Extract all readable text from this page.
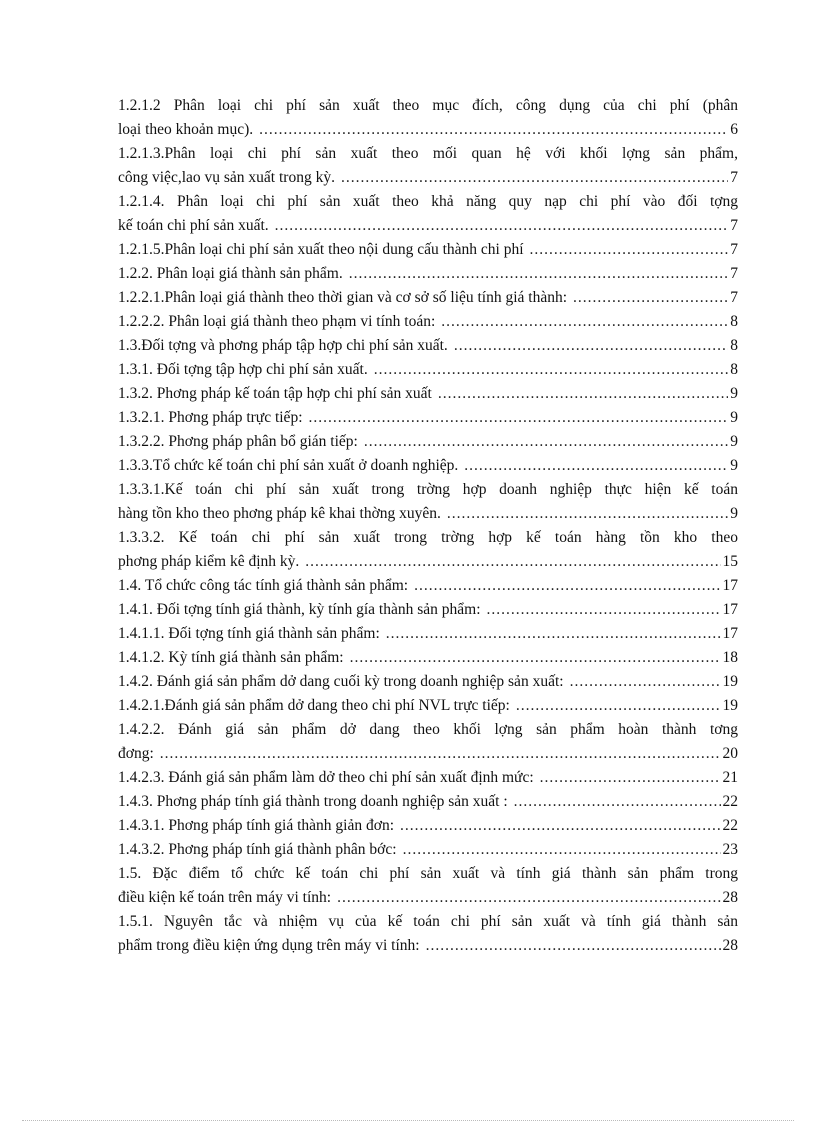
1.2.1.2 Phân loại chi phí sản xuất theo mục đích, công dụng của chi phí (phân
loại theo khoản mục). .....	6
1.2.1.3.Phân loại chi phí sản xuất theo mối quan hệ với khối lợng sản phẩm,
công việc,lao vụ sản xuất trong kỳ. .....	7
1.2.1.4. Phân loại chi phí sản xuất theo khả năng quy nạp chi phí vào đối tợng
kế toán chi phí sản xuất. .....	7
1.2.1.5.Phân loại chi phí sản xuất theo nội dung cấu thành chi phí .....	7
1.2.2. Phân loại giá thành sản phẩm. .....	7
1.2.2.1.Phân loại giá thành theo thời gian và cơ sở số liệu tính giá thành: .....	7
1.2.2.2. Phân loại giá thành theo phạm vi tính toán: .....	8
1.3.Đối tợng và phơng pháp tập hợp chi phí sản xuất. .....	8
1.3.1. Đối tợng tập hợp chi phí sản xuất. .....	8
1.3.2. Phơng pháp kế toán tập hợp chi phí sản xuất .....	9
1.3.2.1. Phơng pháp trực tiếp: .....	9
1.3.2.2. Phơng pháp phân bổ gián tiếp: .....	9
1.3.3.Tổ chức kế toán chi phí sản xuất ở doanh nghiệp. .....	9
1.3.3.1.Kế toán chi phí sản xuất trong trờng hợp doanh nghiệp thực hiện kế toán
hàng tồn kho theo phơng pháp kê khai thờng xuyên. .....	9
1.3.3.2. Kế toán chi phí sản xuất trong trờng hợp kế toán hàng tồn kho theo
phơng pháp kiểm kê định kỳ. .....	15
1.4. Tổ chức công tác tính giá thành sản phẩm: .....	17
1.4.1. Đối tợng tính giá thành, kỳ tính gía thành sản phẩm: .....	17
1.4.1.1. Đối tợng tính giá thành sản phẩm: .....	17
1.4.1.2. Kỳ tính giá thành sản phẩm: .....	18
1.4.2. Đánh giá sản phẩm dở dang cuối kỳ trong doanh nghiệp sản xuất: .....	19
1.4.2.1.Đánh giá sản phẩm dở dang theo chi phí NVL trực tiếp: .....	19
1.4.2.2. Đánh giá sản phẩm dở dang theo khối lợng sản phẩm hoàn thành tơng
đơng: .....	20
1.4.2.3. Đánh giá sản phẩm làm dở theo chi phí sản xuất định mức: .....	21
1.4.3. Phơng pháp tính giá thành trong doanh nghiệp sản xuất : .....	22
1.4.3.1. Phơng pháp tính giá thành giản đơn: .....	22
1.4.3.2. Phơng pháp tính giá thành phân bớc: .....	23
1.5. Đặc điểm tổ chức kế toán chi phí sản xuất và tính giá thành sản phẩm trong
điều kiện kế toán trên máy vi tính: .....	28
1.5.1. Nguyên tắc và nhiệm vụ của kế toán chi phí sản xuất và tính giá thành sản
phẩm trong điều kiện ứng dụng trên máy vi tính: .....	28
